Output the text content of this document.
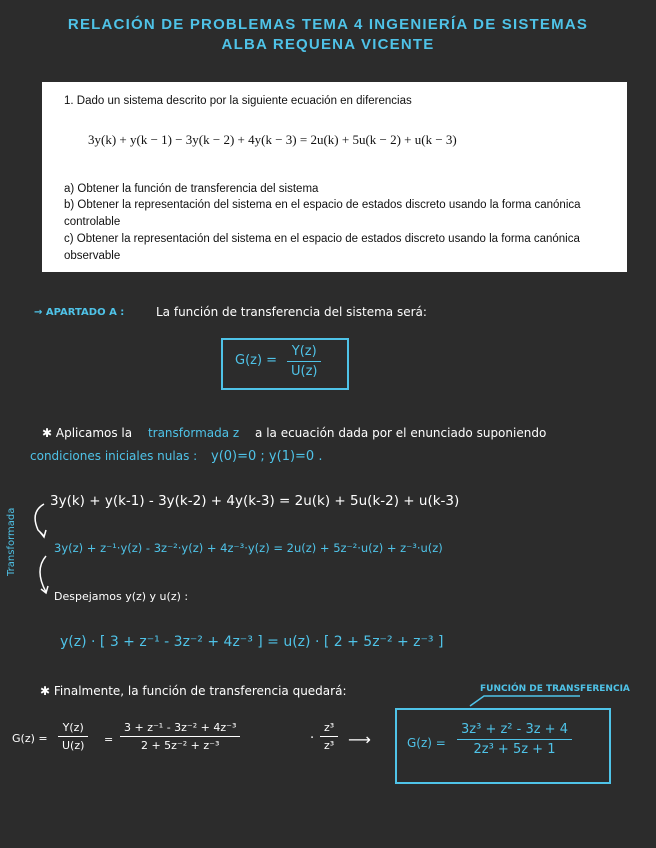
RELACIÓN DE PROBLEMAS TEMA 4 INGENIERÍA DE SISTEMAS
ALBA REQUENA VICENTE
1. Dado un sistema descrito por la siguiente ecuación en diferencias
3y(k) + y(k − 1) − 3y(k − 2) + 4y(k − 3) = 2u(k) + 5u(k − 2) + u(k − 3)
a) Obtener la función de transferencia del sistema
b) Obtener la representación del sistema en el espacio de estados discreto usando la forma canónica
controlable
c) Obtener la representación del sistema en el espacio de estados discreto usando la forma canónica
observable
→ APARTADO A :	La función de transferencia del sistema será:
$G(z) = \frac{Y(z)}{U(z)}$
✱ Aplicamos la transformada z a la ecuación dada por el enunciado suponiendo
condiciones iniciales nulas : y(0)=0 ; y(1)=0 .
Transformada
3y(k) + y(k-1) - 3y(k-2) + 4y(k-3) = 2u(k) + 5u(k-2) + u(k-3)
3y(z) + z⁻¹·y(z) - 3z⁻²·y(z) + 4z⁻³·y(z) = 2u(z) + 5z⁻²·u(z) + z⁻³·u(z)
Despejamos y(z) y u(z) :
y(z) · [ 3 + z⁻¹ - 3z⁻² + 4z⁻³ ] = u(z) · [ 2 + 5z⁻² + z⁻³ ]
✱ Finalmente, la función de transferencia quedará:	FUNCIÓN DE TRANSFERENCIA
$G(z) = \frac{Y(z)}{U(z)} = \frac{\text{3 + z⁻¹ - 3z⁻² + 4z⁻³}}{\text{2 + 5z⁻² + z⁻³}}$	· $\frac{\text{z³}}{\text{z³}}$ ⟶	$G(z) = \frac{\text{3z³ + z² - 3z + 4}}{\text{2z³ + 5z + 1}}$
